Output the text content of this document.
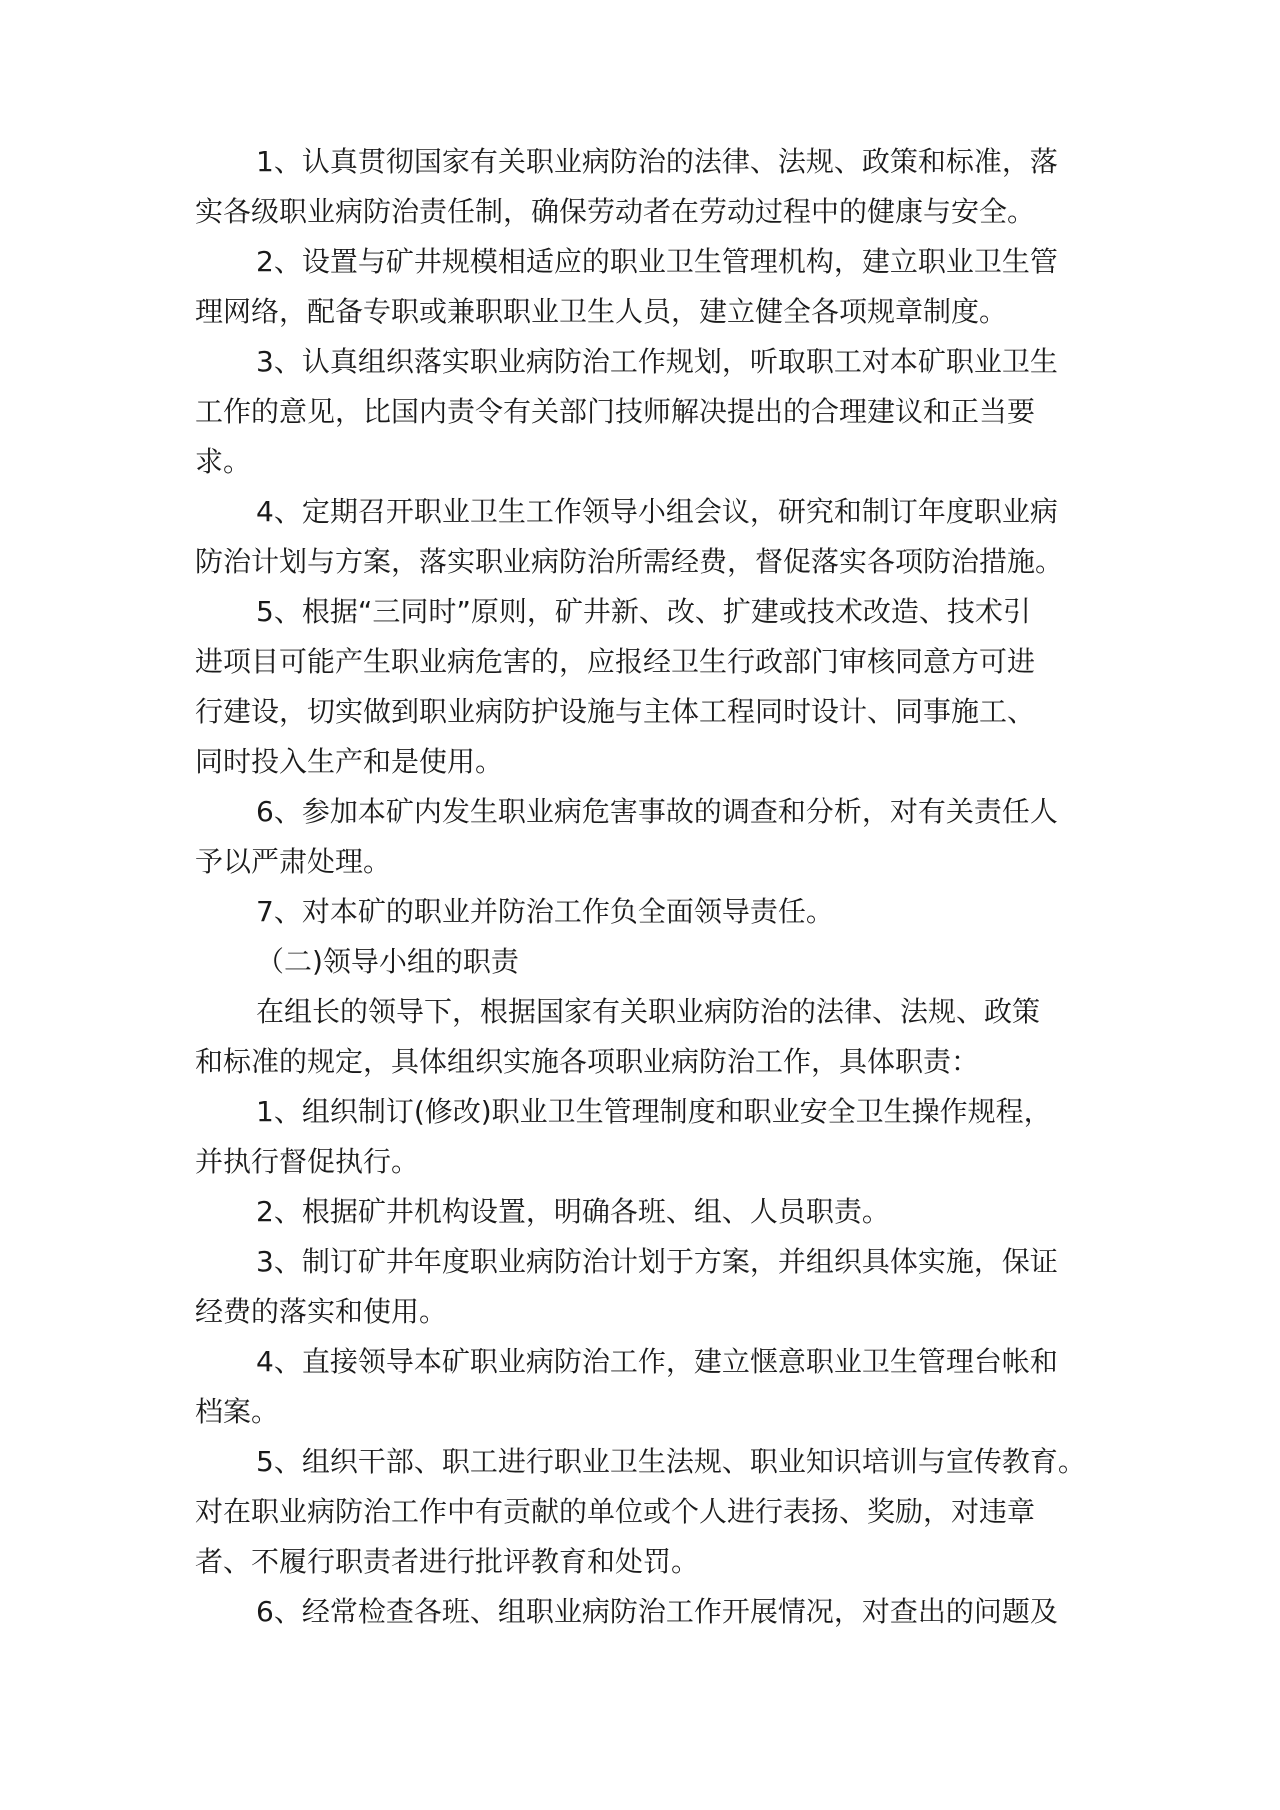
1、认真贯彻国家有关职业病防治的法律、法规、政策和标准，落

实各级职业病防治责任制，确保劳动者在劳动过程中的健康与安全。

2、设置与矿井规模相适应的职业卫生管理机构，建立职业卫生管

理网络，配备专职或兼职职业卫生人员，建立健全各项规章制度。

3、认真组织落实职业病防治工作规划，听取职工对本矿职业卫生

工作的意见，比国内责令有关部门技师解决提出的合理建议和正当要

求。

4、定期召开职业卫生工作领导小组会议，研究和制订年度职业病

防治计划与方案，落实职业病防治所需经费，督促落实各项防治措施。

5、根据“三同时”原则，矿井新、改、扩建或技术改造、技术引

进项目可能产生职业病危害的，应报经卫生行政部门审核同意方可进

行建设，切实做到职业病防护设施与主体工程同时设计、同事施工、

同时投入生产和是使用。

6、参加本矿内发生职业病危害事故的调查和分析，对有关责任人

予以严肃处理。

7、对本矿的职业并防治工作负全面领导责任。

（二)领导小组的职责

在组长的领导下，根据国家有关职业病防治的法律、法规、政策

和标准的规定，具体组织实施各项职业病防治工作，具体职责：

1、组织制订(修改)职业卫生管理制度和职业安全卫生操作规程，

并执行督促执行。

2、根据矿井机构设置，明确各班、组、人员职责。

3、制订矿井年度职业病防治计划于方案，并组织具体实施，保证

经费的落实和使用。

4、直接领导本矿职业病防治工作，建立惬意职业卫生管理台帐和

档案。

5、组织干部、职工进行职业卫生法规、职业知识培训与宣传教育。

对在职业病防治工作中有贡献的单位或个人进行表扬、奖励，对违章

者、不履行职责者进行批评教育和处罚。

6、经常检查各班、组职业病防治工作开展情况，对查出的问题及
